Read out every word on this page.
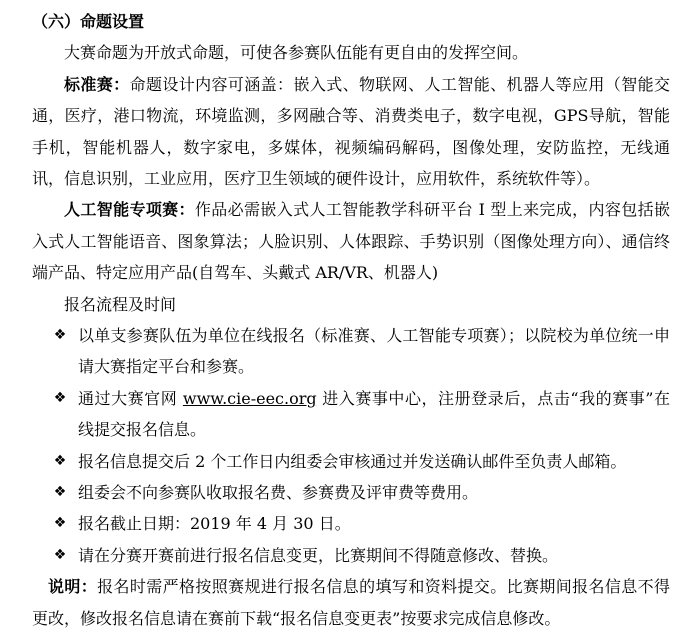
（六）命题设置
大赛命题为开放式命题，可使各参赛队伍能有更自由的发挥空间。
标准赛：命题设计内容可涵盖：嵌入式、物联网、人工智能、机器人等应用（智能交通，医疗，港口物流，环境监测，多网融合等、消费类电子，数字电视，GPS导航，智能手机，智能机器人，数字家电，多媒体，视频编码解码，图像处理，安防监控，无线通讯，信息识别，工业应用，医疗卫生领域的硬件设计，应用软件，系统软件等）。
人工智能专项赛：作品必需嵌入式人工智能教学科研平台 I 型上来完成，内容包括嵌入式人工智能语音、图象算法；人脸识别、人体跟踪、手势识别（图像处理方向）、通信终端产品、特定应用产品(自驾车、头戴式 AR/VR、机器人)
报名流程及时间
❖ 以单支参赛队伍为单位在线报名（标准赛、人工智能专项赛）；以院校为单位统一申请大赛指定平台和参赛。
❖ 通过大赛官网 www.cie-eec.org 进入赛事中心，注册登录后，点击“我的赛事”在线提交报名信息。
❖ 报名信息提交后 2 个工作日内组委会审核通过并发送确认邮件至负责人邮箱。
❖ 组委会不向参赛队收取报名费、参赛费及评审费等费用。
❖ 报名截止日期：2019 年 4 月 30 日。
❖ 请在分赛开赛前进行报名信息变更，比赛期间不得随意修改、替换。
说明：报名时需严格按照赛规进行报名信息的填写和资料提交。比赛期间报名信息不得更改，修改报名信息请在赛前下载“报名信息变更表”按要求完成信息修改。
